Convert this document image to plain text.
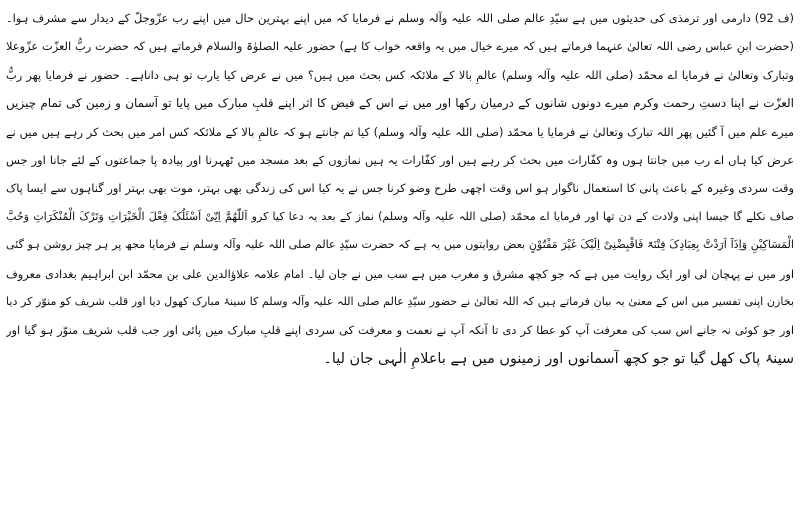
(ف 92) دارمی اور ترمذی کی حدیثوں میں ہے سیّدِ عالم صلی اللہ علیہ وآلہ وسلم نے فرمایا کہ میں اپنے بہترین حال میں اپنے رب عزّوجلّ کے دیدار سے مشرف ہوا۔
(حضرت ابنِ عباس رضی اللہ تعالیٰ عنہما فرماتے ہیں کہ میرے خیال میں یہ واقعہ خواب کا ہے) حضور علیہ الصلوٰۃ والسلام فرماتے ہیں کہ حضرت ربُّ العزّت عزّوعلا
وتبارک وتعالیٰ نے فرمایا اے محمّد (صلی اللہ علیہ وآلہ وسلم) عالمِ بالا کے ملائکہ کس بحث میں ہیں؟ میں نے عرض کیا یارب تو ہی داناہے۔ حضور نے فرمایا پھر ربُّ
العزّت نے اپنا دستِ رحمت وکرم میرے دونوں شانوں کے درمیان رکھا اور میں نے اس کے فیض کا اثر اپنے قلبِ مبارک میں پایا تو آسمان و زمین کی تمام چیزیں
میرے علم میں آ گئیں پھر اللہ تبارک وتعالیٰ نے فرمایا یا محمّد (صلی اللہ علیہ وآلہ وسلم) کیا تم جانتے ہو کہ عالمِ بالا کے ملائکہ کس امر میں بحث کر رہے ہیں میں نے
عرض کیا ہاں اے رب میں جانتا ہوں وہ کفّارات میں بحث کر رہے ہیں اور کفّارات یہ ہیں نمازوں کے بعد مسجد میں ٹھہرنا اور پیادہ پا جماعتوں کے لئے جانا اور جس
وقت سردی وغیرہ کے باعث پانی کا استعمال ناگوار ہو اس وقت اچھی طرح وضو کرنا جس نے یہ کیا اس کی زندگی بھی بہتر، موت بھی بہتر اور گناہوں سے ایسا پاک
صاف نکلے گا جیسا اپنی ولادت کے دن تھا اور فرمایا اے محمّد (صلی اللہ علیہ وآلہ وسلم) نماز کے بعد یہ دعا کیا کرو اَللّٰھُمَّ اِنِّیْ اَسْئَلُکَ فِعْلَ الْخَیْرَاتِ وَتَرْکَ الْمُنْکَرَاتِ وَحُبَّ
الْمَسَاکِیْنِ وَاِذَآ اَرَدْتَّ بِعِبَادِکَ فِتْنَۃً فَاقْبِضْنِیْ اِلَیْکَ غَیْرَ مَفْتُوْنٍ بعض روایتوں میں یہ ہے کہ حضرت سیّدِ عالم صلی اللہ علیہ وآلہ وسلم نے فرمایا مجھ پر ہر چیز روشن ہو گئی
اور میں نے پہچان لی اور ایک روایت میں ہے کہ جو کچھ مشرق و مغرب میں ہے سب میں نے جان لیا۔ امام علامہ علاؤالدین علی بن محمّد ابن ابراہیم بغدادی معروف
بخازن اپنی تفسیر میں اس کے معنیٰ یہ بیان فرماتے ہیں کہ اللہ تعالیٰ نے حضور سیّدِ عالم صلی اللہ علیہ وآلہ وسلم کا سینۂ مبارک کھول دیا اور قلب شریف کو منوّر کر دیا
اور جو کوئی نہ جانے اس سب کی معرفت آپ کو عطا کر دی تا آنکہ آپ نے نعمت و معرفت کی سردی اپنے قلبِ مبارک میں پائی اور جب قلب شریف منوّر ہو گیا اور
سینۂ پاک کھل گیا تو جو کچھ آسمانوں اور زمینوں میں ہے باعلامِ الٰہی جان لیا۔
